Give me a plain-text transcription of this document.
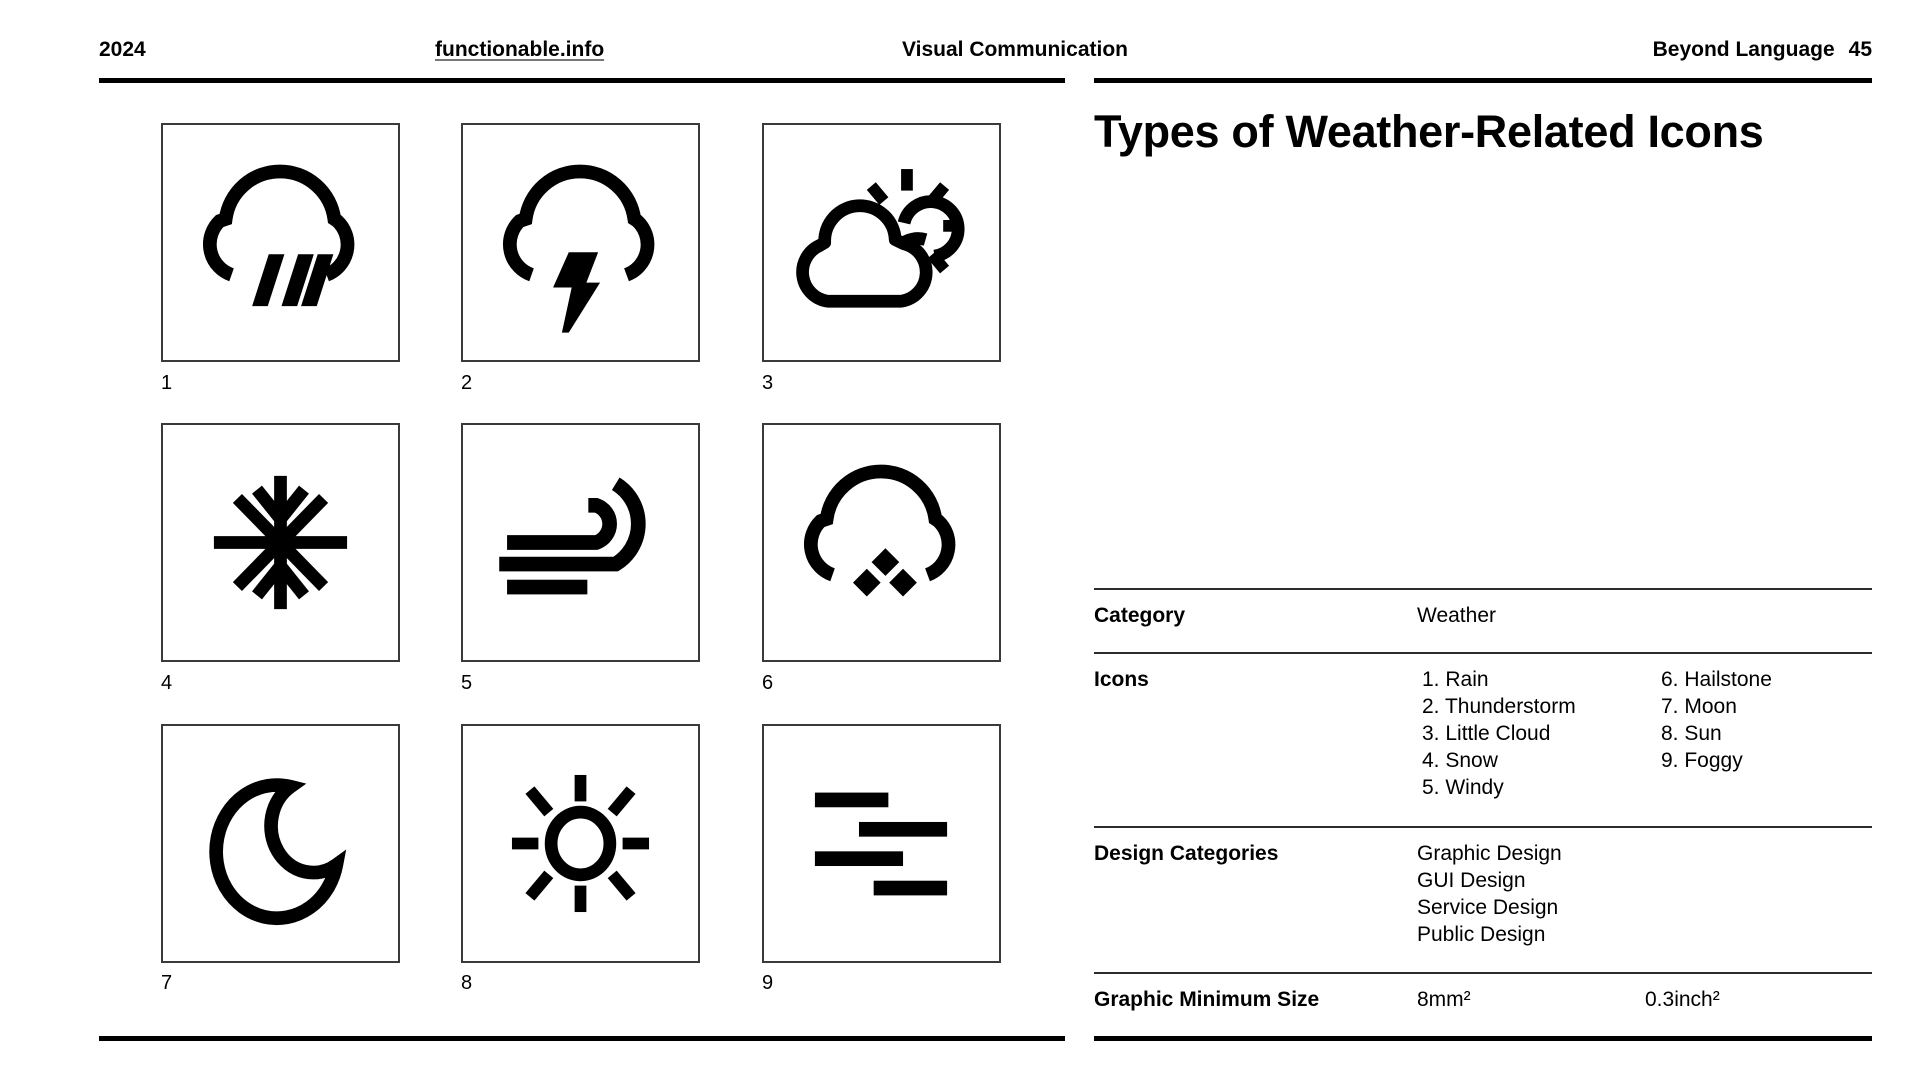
2024	functionable.info	Visual Communication	Beyond Language 45
1	2	3
4	5	6
7	8	9
Types of Weather-Related Icons
Category	Weather
Icons	1. Rain
2. Thunderstorm
3. Little Cloud
4. Snow
5. Windy
6. Hailstone
7. Moon
8. Sun
9. Foggy
Design Categories	Graphic Design
GUI Design
Service Design
Public Design
Graphic Minimum Size	8mm²	0.3inch²
